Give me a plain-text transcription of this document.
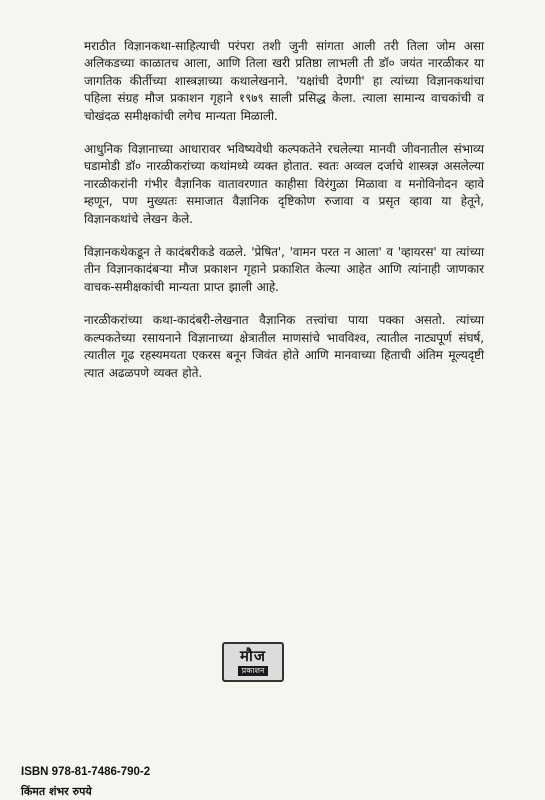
मराठीत विज्ञानकथा-साहित्याची परंपरा तशी जुनी सांगता आली तरी तिला जोम असा अलिकडच्या काळातच आला, आणि तिला खरी प्रतिष्ठा लाभली ती डॉ० जयंत नारळीकर या जागतिक कीर्तीच्या शास्त्रज्ञाच्या कथालेखनाने. 'यक्षांची देणगी' हा त्यांच्या विज्ञानकथांचा पहिला संग्रह मौज प्रकाशन गृहाने १९७९ साली प्रसिद्ध केला. त्याला सामान्य वाचकांची व चोखंदळ समीक्षकांची लगेच मान्यता मिळाली.

आधुनिक विज्ञानाच्या आधारावर भविष्यवेधी कल्पकतेने रचलेल्या मानवी जीवनातील संभाव्य घडामोडी डॉ० नारळीकरांच्या कथांमध्ये व्यक्त होतात. स्वतः अव्वल दर्जाचे शास्त्रज्ञ असलेल्या नारळीकरांनी गंभीर वैज्ञानिक वातावरणात काहीसा विरंगुळा मिळावा व मनोविनोदन व्हावे म्हणून, पण मुख्यतः समाजात वैज्ञानिक दृष्टिकोण रुजावा व प्रसृत व्हावा या हेतूने, विज्ञानकथांचे लेखन केले.

विज्ञानकथेकडून ते कादंबरीकडे वळले. 'प्रेषित', 'वामन परत न आला' व 'व्हायरस' या त्यांच्या तीन विज्ञानकादंबऱ्या मौज प्रकाशन गृहाने प्रकाशित केल्या आहेत आणि त्यांनाही जाणकार वाचक-समीक्षकांची मान्यता प्राप्त झाली आहे.

नारळीकरांच्या कथा-कादंबरी-लेखनात वैज्ञानिक तत्त्वांचा पाया पक्का असतो. त्यांच्या कल्पकतेच्या रसायनाने विज्ञानाच्या क्षेत्रातील माणसांचे भावविश्व, त्यातील नाट्यपूर्ण संघर्ष, त्यातील गूढ रहस्यमयता एकरस बनून जिवंत होते आणि मानवाच्या हिताची अंतिम मूल्यदृष्टी त्यात अढळपणे व्यक्त होते.

मौज
प्रकाशन
ISBN 978-81-7486-790-2
किंमत शंभर रुपये
